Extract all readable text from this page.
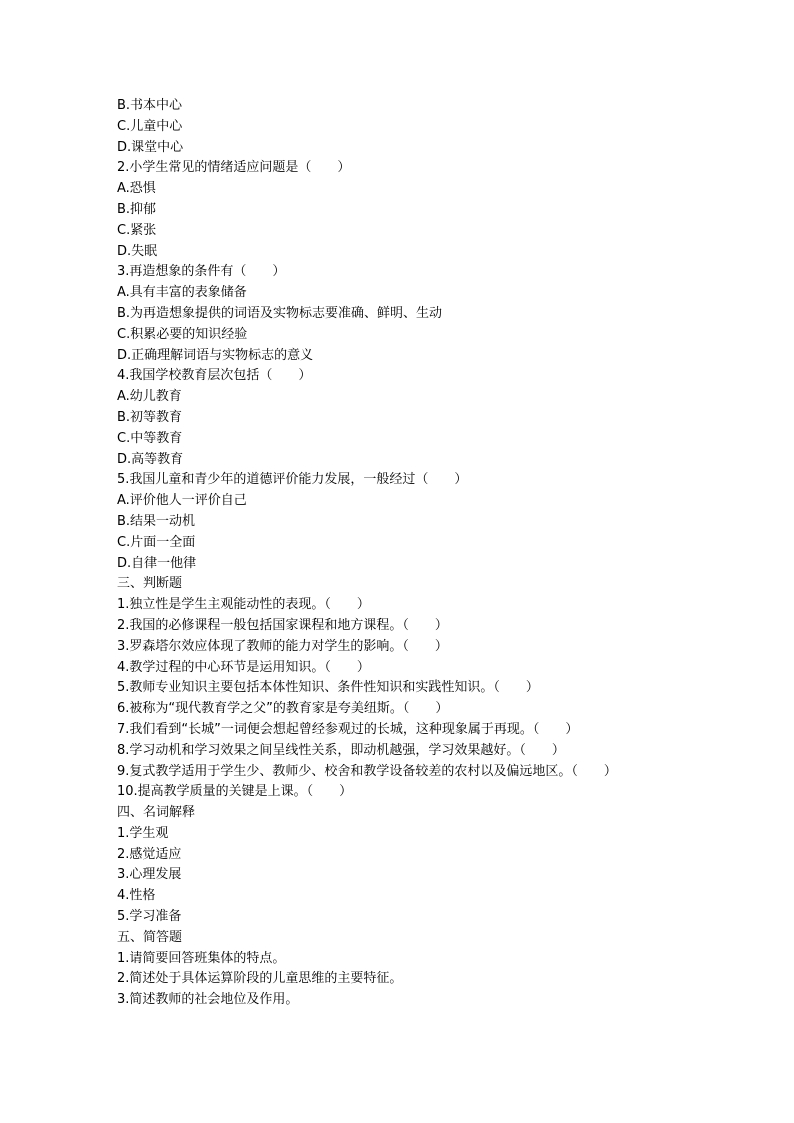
B.书本中心
C.儿童中心
D.课堂中心
2.小学生常见的情绪适应问题是（　　）
A.恐惧
B.抑郁
C.紧张
D.失眠
3.再造想象的条件有（　　）
A.具有丰富的表象储备
B.为再造想象提供的词语及实物标志要准确、鲜明、生动
C.积累必要的知识经验
D.正确理解词语与实物标志的意义
4.我国学校教育层次包括（　　）
A.幼儿教育
B.初等教育
C.中等教育
D.高等教育
5.我国儿童和青少年的道德评价能力发展，一般经过（　　）
A.评价他人一评价自己
B.结果一动机
C.片面一全面
D.自律一他律
三、判断题
1.独立性是学生主观能动性的表现。（　　）
2.我国的必修课程一般包括国家课程和地方课程。（　　）
3.罗森塔尔效应体现了教师的能力对学生的影响。（　　）
4.教学过程的中心环节是运用知识。（　　）
5.教师专业知识主要包括本体性知识、条件性知识和实践性知识。（　　）
6.被称为“现代教育学之父”的教育家是夸美纽斯。（　　）
7.我们看到“长城”一词便会想起曾经参观过的长城，这种现象属于再现。（　　）
8.学习动机和学习效果之间呈线性关系，即动机越强，学习效果越好。（　　）
9.复式教学适用于学生少、教师少、校舍和教学设备较差的农村以及偏远地区。（　　）
10.提高教学质量的关键是上课。（　　）
四、名词解释
1.学生观
2.感觉适应
3.心理发展
4.性格
5.学习准备
五、简答题
1.请简要回答班集体的特点。
2.简述处于具体运算阶段的儿童思维的主要特征。
3.简述教师的社会地位及作用。
